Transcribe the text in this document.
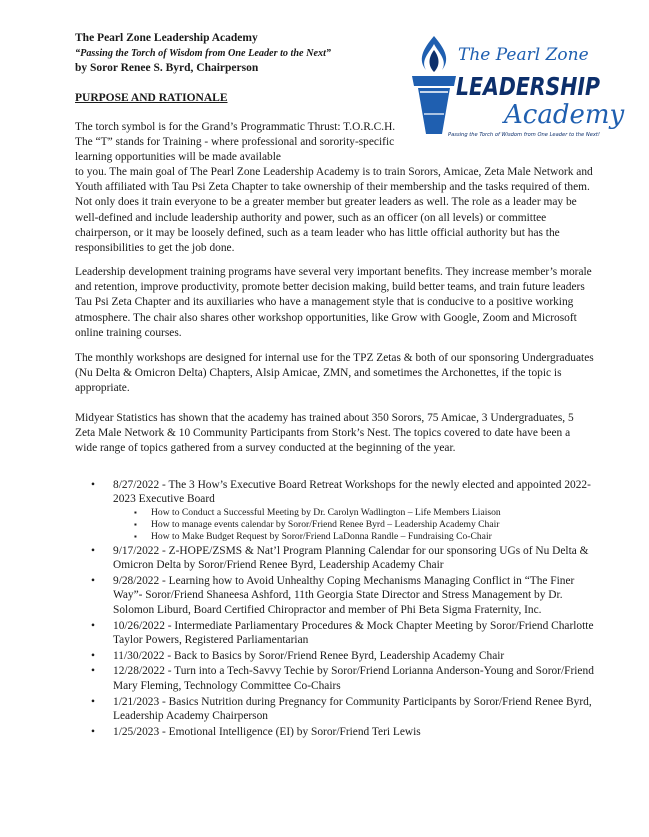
The Pearl Zone Leadership Academy
“Passing the Torch of Wisdom from One Leader to the Next”
by Soror Renee S. Byrd, Chairperson
The Pearl Zone
LEADERSHIP
Academy
Passing the Torch of Wisdom from One Leader to the Next!
PURPOSE AND RATIONALE

The torch symbol is for the Grand’s Programmatic Thrust: T.O.R.C.H. The “T” stands for Training - where professional and sorority-specific learning opportunities will be made available

to you. The main goal of The Pearl Zone Leadership Academy is to train Sorors, Amicae, Zeta Male Network and Youth affiliated with Tau Psi Zeta Chapter to take ownership of their membership and the tasks required of them. Not only does it train everyone to be a greater member but greater leaders as well. The role as a leader may be well-defined and include leadership authority and power, such as an officer (on all levels) or committee chairperson, or it may be loosely defined, such as a team leader who has little official authority but has the responsibilities to get the job done.

Leadership development training programs have several very important benefits. They increase member’s morale and retention, improve productivity, promote better decision making, build better teams, and train future leaders Tau Psi Zeta Chapter and its auxiliaries who have a management style that is conducive to a positive working atmosphere. The chair also shares other workshop opportunities, like Grow with Google, Zoom and Microsoft online training courses.

The monthly workshops are designed for internal use for the TPZ Zetas & both of our sponsoring Undergraduates (Nu Delta & Omicron Delta) Chapters, Alsip Amicae, ZMN, and sometimes the Archonettes, if the topic is appropriate.

Midyear Statistics has shown that the academy has trained about 350 Sorors, 75 Amicae, 3 Undergraduates, 5 Zeta Male Network & 10 Community Participants from Stork’s Nest. The topics covered to date have been a wide range of topics gathered from a survey conducted at the beginning of the year.

• 8/27/2022 - The 3 How’s Executive Board Retreat Workshops for the newly elected and appointed 2022-2023 Executive Board
▪ How to Conduct a Successful Meeting by Dr. Carolyn Wadlington – Life Members Liaison
▪ How to manage events calendar by Soror/Friend Renee Byrd – Leadership Academy Chair
▪ How to Make Budget Request by Soror/Friend LaDonna Randle – Fundraising Co-Chair
• 9/17/2022 - Z-HOPE/ZSMS & Nat’l Program Planning Calendar for our sponsoring UGs of Nu Delta & Omicron Delta by Soror/Friend Renee Byrd, Leadership Academy Chair
• 9/28/2022 - Learning how to Avoid Unhealthy Coping Mechanisms Managing Conflict in “The Finer Way”- Soror/Friend Shaneesa Ashford, 11th Georgia State Director and Stress Management by Dr. Solomon Liburd, Board Certified Chiropractor and member of Phi Beta Sigma Fraternity, Inc.
• 10/26/2022 - Intermediate Parliamentary Procedures & Mock Chapter Meeting by Soror/Friend Charlotte Taylor Powers, Registered Parliamentarian
• 11/30/2022 - Back to Basics by Soror/Friend Renee Byrd, Leadership Academy Chair
• 12/28/2022 - Turn into a Tech-Savvy Techie by Soror/Friend Lorianna Anderson-Young and Soror/Friend Mary Fleming, Technology Committee Co-Chairs
• 1/21/2023 - Basics Nutrition during Pregnancy for Community Participants by Soror/Friend Renee Byrd, Leadership Academy Chairperson
• 1/25/2023 - Emotional Intelligence (EI) by Soror/Friend Teri Lewis
